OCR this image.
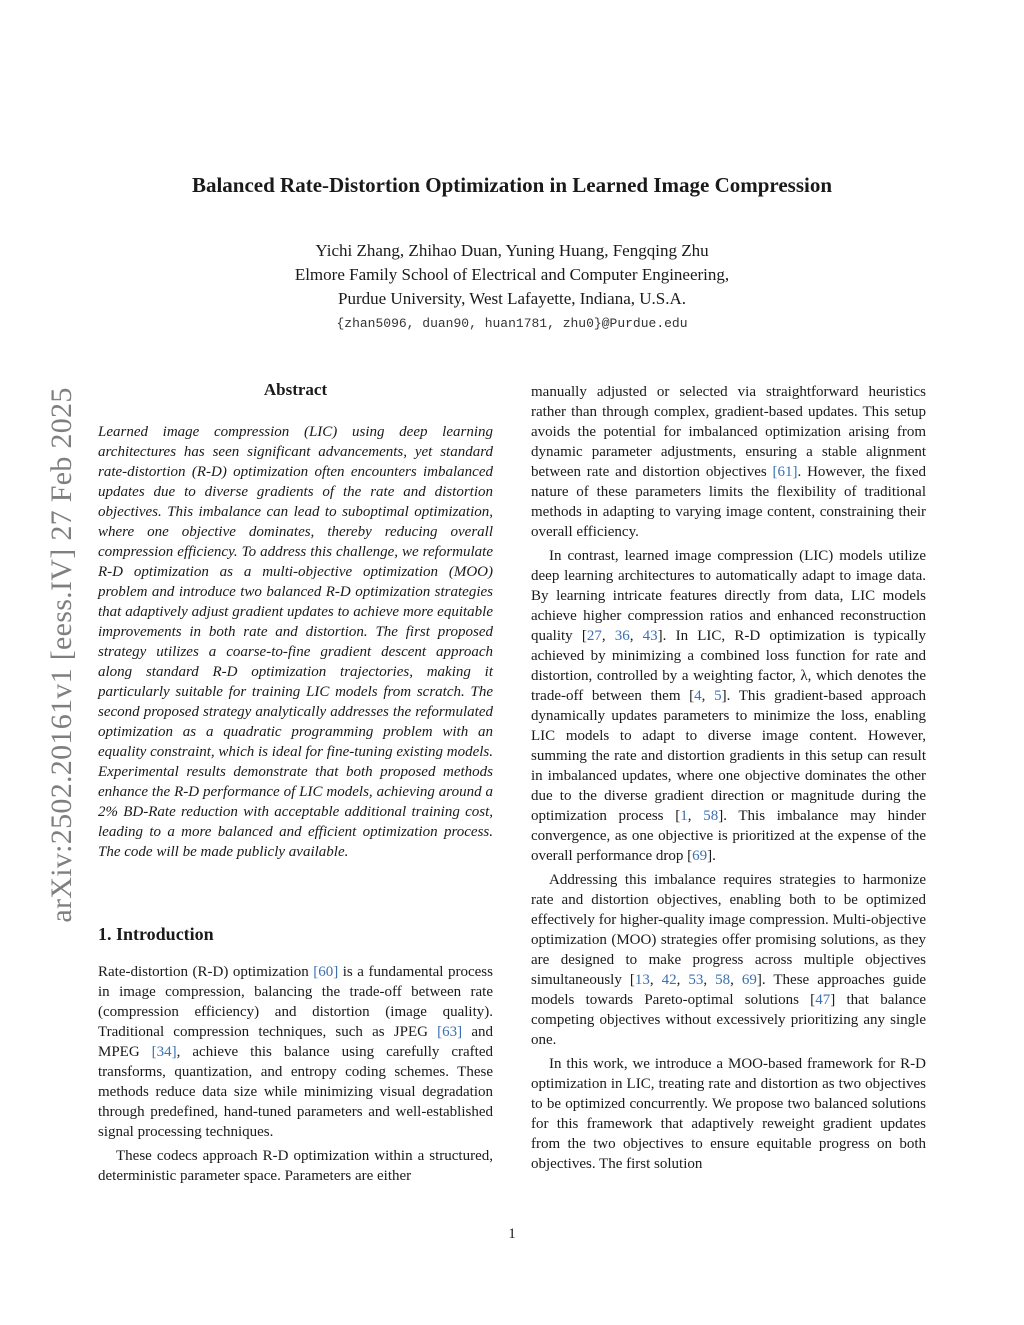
arXiv:2502.20161v1 [eess.IV] 27 Feb 2025
Balanced Rate-Distortion Optimization in Learned Image Compression

Yichi Zhang, Zhihao Duan, Yuning Huang, Fengqing Zhu

Elmore Family School of Electrical and Computer Engineering,

Purdue University, West Lafayette, Indiana, U.S.A.

{zhan5096, duan90, huan1781, zhu0}@Purdue.edu
Abstract

Learned image compression (LIC) using deep learning architectures has seen significant advancements, yet standard rate-distortion (R-D) optimization often encounters imbalanced updates due to diverse gradients of the rate and distortion objectives. This imbalance can lead to suboptimal optimization, where one objective dominates, thereby reducing overall compression efficiency. To address this challenge, we reformulate R-D optimization as a multi-objective optimization (MOO) problem and introduce two balanced R-D optimization strategies that adaptively adjust gradient updates to achieve more equitable improvements in both rate and distortion. The first proposed strategy utilizes a coarse-to-fine gradient descent approach along standard R-D optimization trajectories, making it particularly suitable for training LIC models from scratch. The second proposed strategy analytically addresses the reformulated optimization as a quadratic programming problem with an equality constraint, which is ideal for fine-tuning existing models. Experimental results demonstrate that both proposed methods enhance the R-D performance of LIC models, achieving around a 2% BD-Rate reduction with acceptable additional training cost, leading to a more balanced and efficient optimization process. The code will be made publicly available.

1. Introduction

Rate-distortion (R-D) optimization [60] is a fundamental process in image compression, balancing the trade-off between rate (compression efficiency) and distortion (image quality). Traditional compression techniques, such as JPEG [63] and MPEG [34], achieve this balance using carefully crafted transforms, quantization, and entropy coding schemes. These methods reduce data size while minimizing visual degradation through predefined, hand-tuned parameters and well-established signal processing techniques.

These codecs approach R-D optimization within a structured, deterministic parameter space. Parameters are either

manually adjusted or selected via straightforward heuristics rather than through complex, gradient-based updates. This setup avoids the potential for imbalanced optimization arising from dynamic parameter adjustments, ensuring a stable alignment between rate and distortion objectives [61]. However, the fixed nature of these parameters limits the flexibility of traditional methods in adapting to varying image content, constraining their overall efficiency.

In contrast, learned image compression (LIC) models utilize deep learning architectures to automatically adapt to image data. By learning intricate features directly from data, LIC models achieve higher compression ratios and enhanced reconstruction quality [27, 36, 43]. In LIC, R-D optimization is typically achieved by minimizing a combined loss function for rate and distortion, controlled by a weighting factor, λ, which denotes the trade-off between them [4, 5]. This gradient-based approach dynamically updates parameters to minimize the loss, enabling LIC models to adapt to diverse image content. However, summing the rate and distortion gradients in this setup can result in imbalanced updates, where one objective dominates the other due to the diverse gradient direction or magnitude during the optimization process [1, 58]. This imbalance may hinder convergence, as one objective is prioritized at the expense of the overall performance drop [69].

Addressing this imbalance requires strategies to harmonize rate and distortion objectives, enabling both to be optimized effectively for higher-quality image compression. Multi-objective optimization (MOO) strategies offer promising solutions, as they are designed to make progress across multiple objectives simultaneously [13, 42, 53, 58, 69]. These approaches guide models towards Pareto-optimal solutions [47] that balance competing objectives without excessively prioritizing any single one.

In this work, we introduce a MOO-based framework for R-D optimization in LIC, treating rate and distortion as two objectives to be optimized concurrently. We propose two balanced solutions for this framework that adaptively reweight gradient updates from the two objectives to ensure equitable progress on both objectives. The first solution

1
